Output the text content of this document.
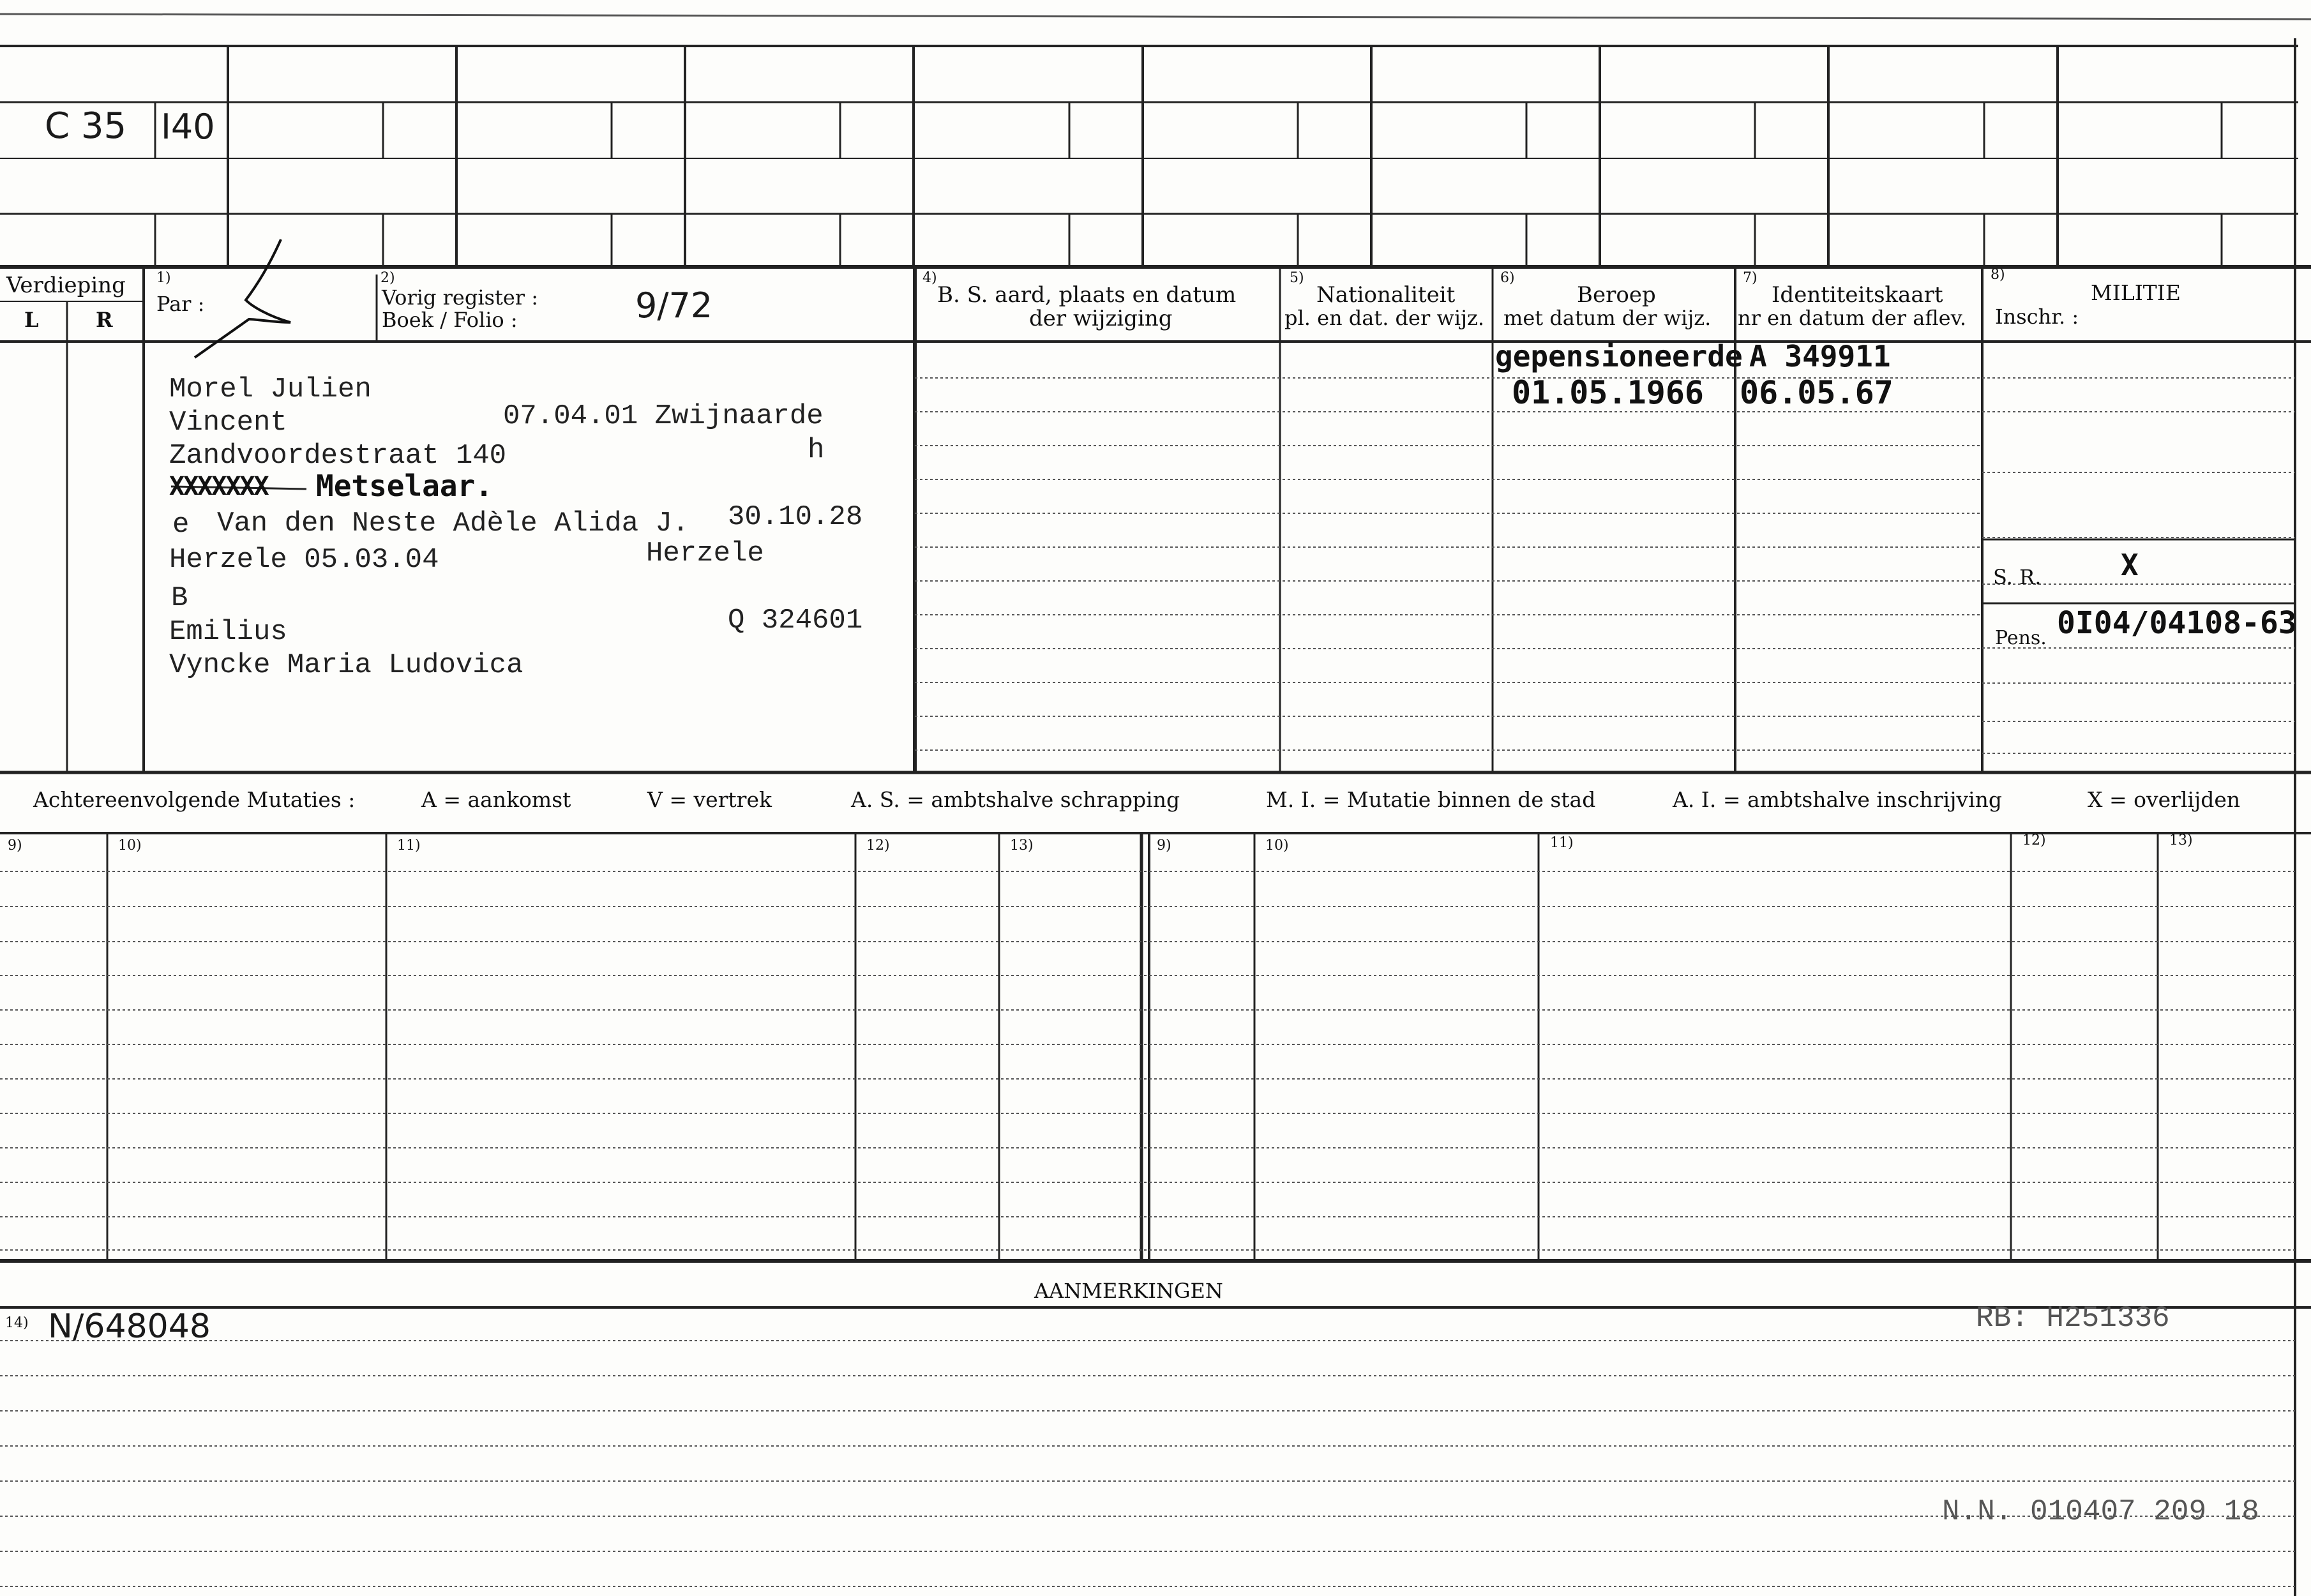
C 35 I40
Verdieping
L	R
1)
Par :
2)
Vorig register :
Boek / Folio :	9/72
4)
B. S. aard, plaats en datum
der wijziging
5)
Nationaliteit
pl. en dat. der wijz.
6)
Beroep
met datum der wijz.
7)
Identiteitskaart
nr en datum der aflev.
8)
MILITIE
Inschr. :
Morel Julien
Vincent	07.04.01 Zwijnaarde
Zandvoordestraat 140	h
XXXXXXX Metselaar.
e Van den Neste Adèle Alida J. 30.10.28
Herzele 05.03.04	Herzele
B
Emilius	Q 324601
Vyncke Maria Ludovica
gepensioneerde
01.05.1966
A 349911
06.05.67
S. R.	X
Pens. 0I04/04108-63
Achtereenvolgende Mutaties :	A = aankomst	V = vertrek	A. S. = ambtshalve schrapping	M. I. = Mutatie binnen de stad	A. I. = ambtshalve inschrijving	X = overlijden
9)	10)	11)	12)	13)	9)	10)	11)	12)	13)
AANMERKINGEN
14) N/648048	RB: H251336
N.N. 010407 209 18
